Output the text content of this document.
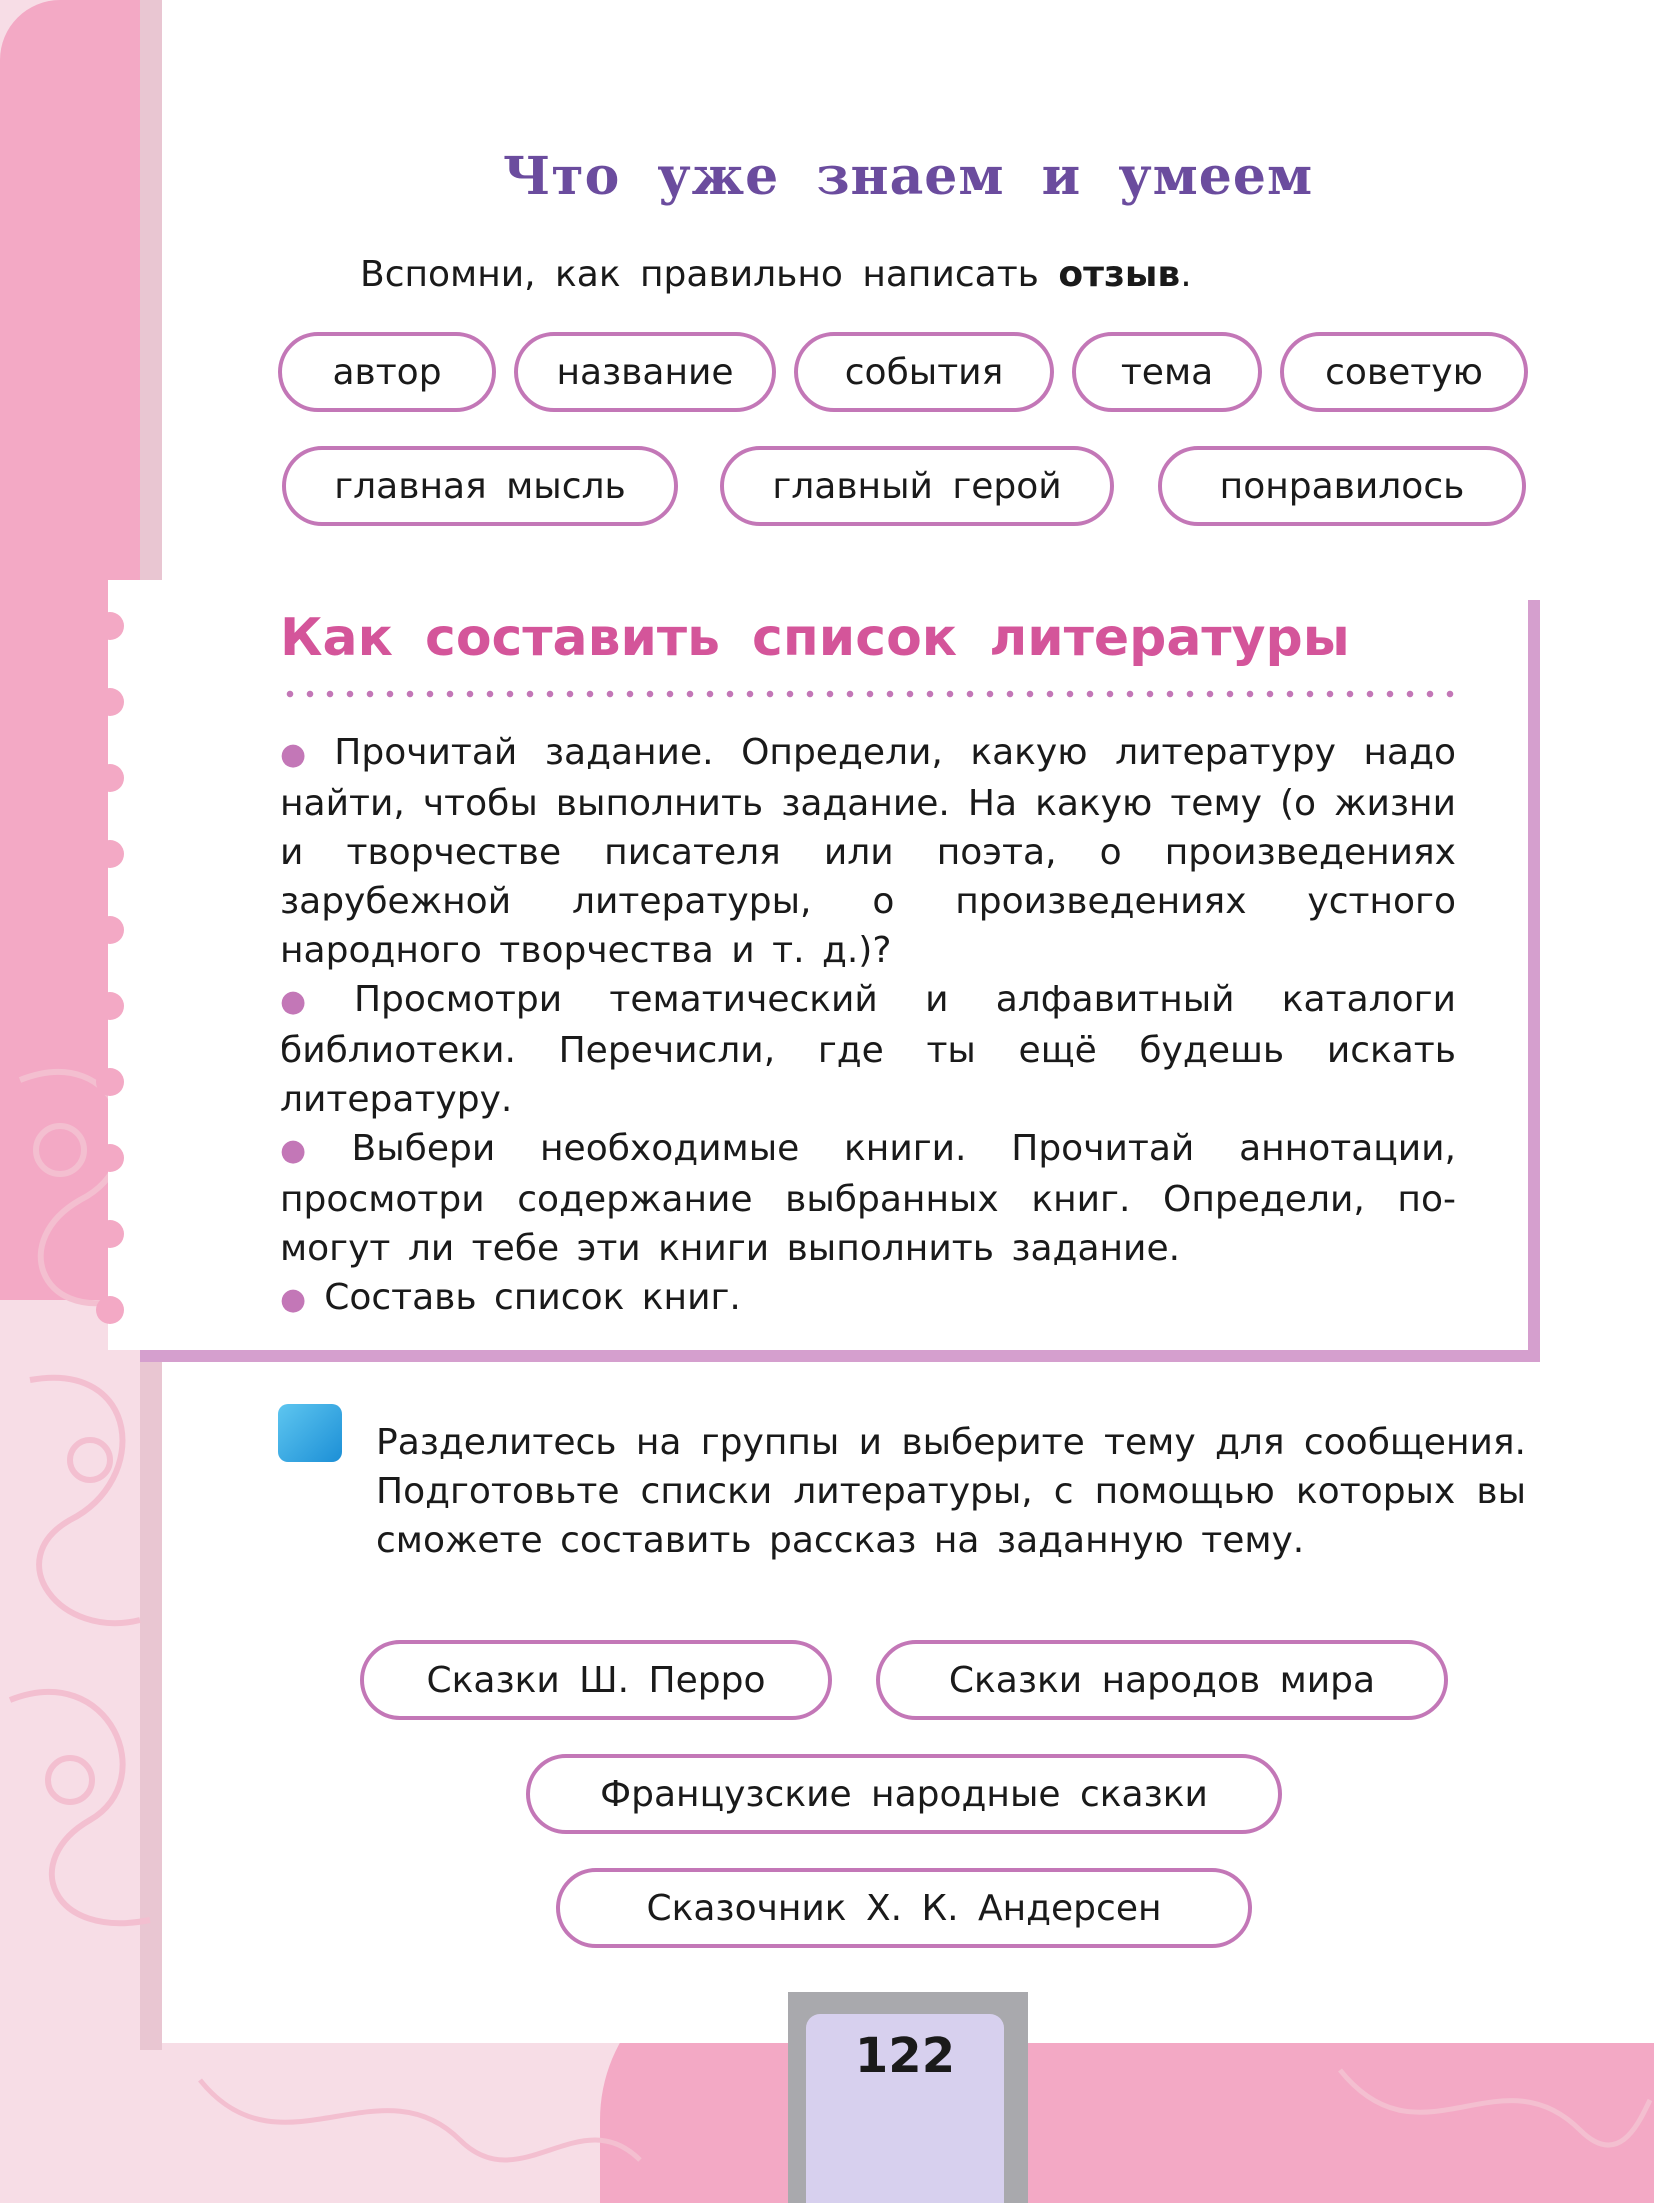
Что уже знаем и умеем
Вспомни, как правильно написать отзыв.
автор	название	события	тема	советую
главная мысль	главный герой	понравилось
Как составить список литературы

● Прочитай задание. Определи, какую литературу надо найти, чтобы выполнить задание. На какую тему (о жизни и творчестве писателя или поэта, о произведениях зарубежной литературы, о произведениях устного народного творчества и т. д.)?

● Просмотри тематический и алфавитный каталоги библиотеки. Перечисли, где ты ещё будешь искать литературу.

● Выбери необходимые книги. Прочитай аннотации, просмотри содержание выбранных книг. Определи, помогут ли тебе эти книги выполнить задание.

● Составь список книг.

Разделитесь на группы и выберите тему для сообщения. Подготовьте списки литературы, с помощью которых вы сможете составить рассказ на заданную тему.
Сказки Ш. Перро	Сказки народов мира
Французские народные сказки
Сказочник Х. К. Андерсен
122
